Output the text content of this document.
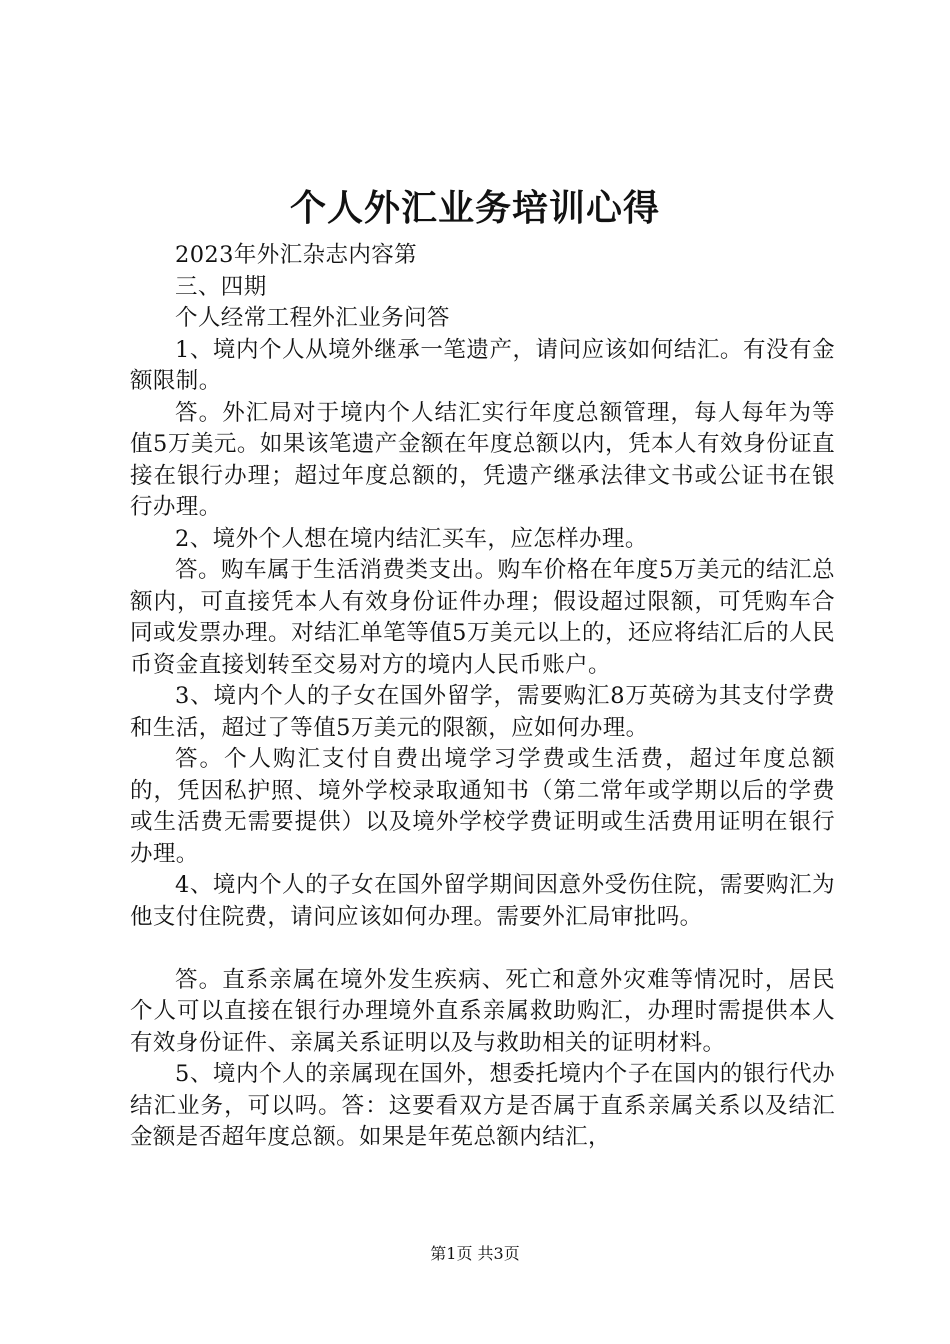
个人外汇业务培训心得

2023年外汇杂志内容第

三、四期

个人经常工程外汇业务问答

1、境内个人从境外继承一笔遗产，请问应该如何结汇。有没有金额限制。

答。外汇局对于境内个人结汇实行年度总额管理，每人每年为等值5万美元。如果该笔遗产金额在年度总额以内，凭本人有效身份证直接在银行办理；超过年度总额的，凭遗产继承法律文书或公证书在银行办理。

2、境外个人想在境内结汇买车，应怎样办理。

答。购车属于生活消费类支出。购车价格在年度5万美元的结汇总额内，可直接凭本人有效身份证件办理；假设超过限额，可凭购车合同或发票办理。对结汇单笔等值5万美元以上的，还应将结汇后的人民币资金直接划转至交易对方的境内人民币账户。

3、境内个人的子女在国外留学，需要购汇8万英磅为其支付学费和生活，超过了等值5万美元的限额，应如何办理。

答。个人购汇支付自费出境学习学费或生活费，超过年度总额的，凭因私护照、境外学校录取通知书（第二常年或学期以后的学费或生活费无需要提供）以及境外学校学费证明或生活费用证明在银行办理。

4、境内个人的子女在国外留学期间因意外受伤住院，需要购汇为他支付住院费，请问应该如何办理。需要外汇局审批吗。

答。直系亲属在境外发生疾病、死亡和意外灾难等情况时，居民个人可以直接在银行办理境外直系亲属救助购汇，办理时需提供本人有效身份证件、亲属关系证明以及与救助相关的证明材料。

5、境内个人的亲属现在国外，想委托境内个子在国内的银行代办结汇业务，可以吗。答：这要看双方是否属于直系亲属关系以及结汇金额是否超年度总额。如果是年莬总额内结汇，

第1页 共3页
